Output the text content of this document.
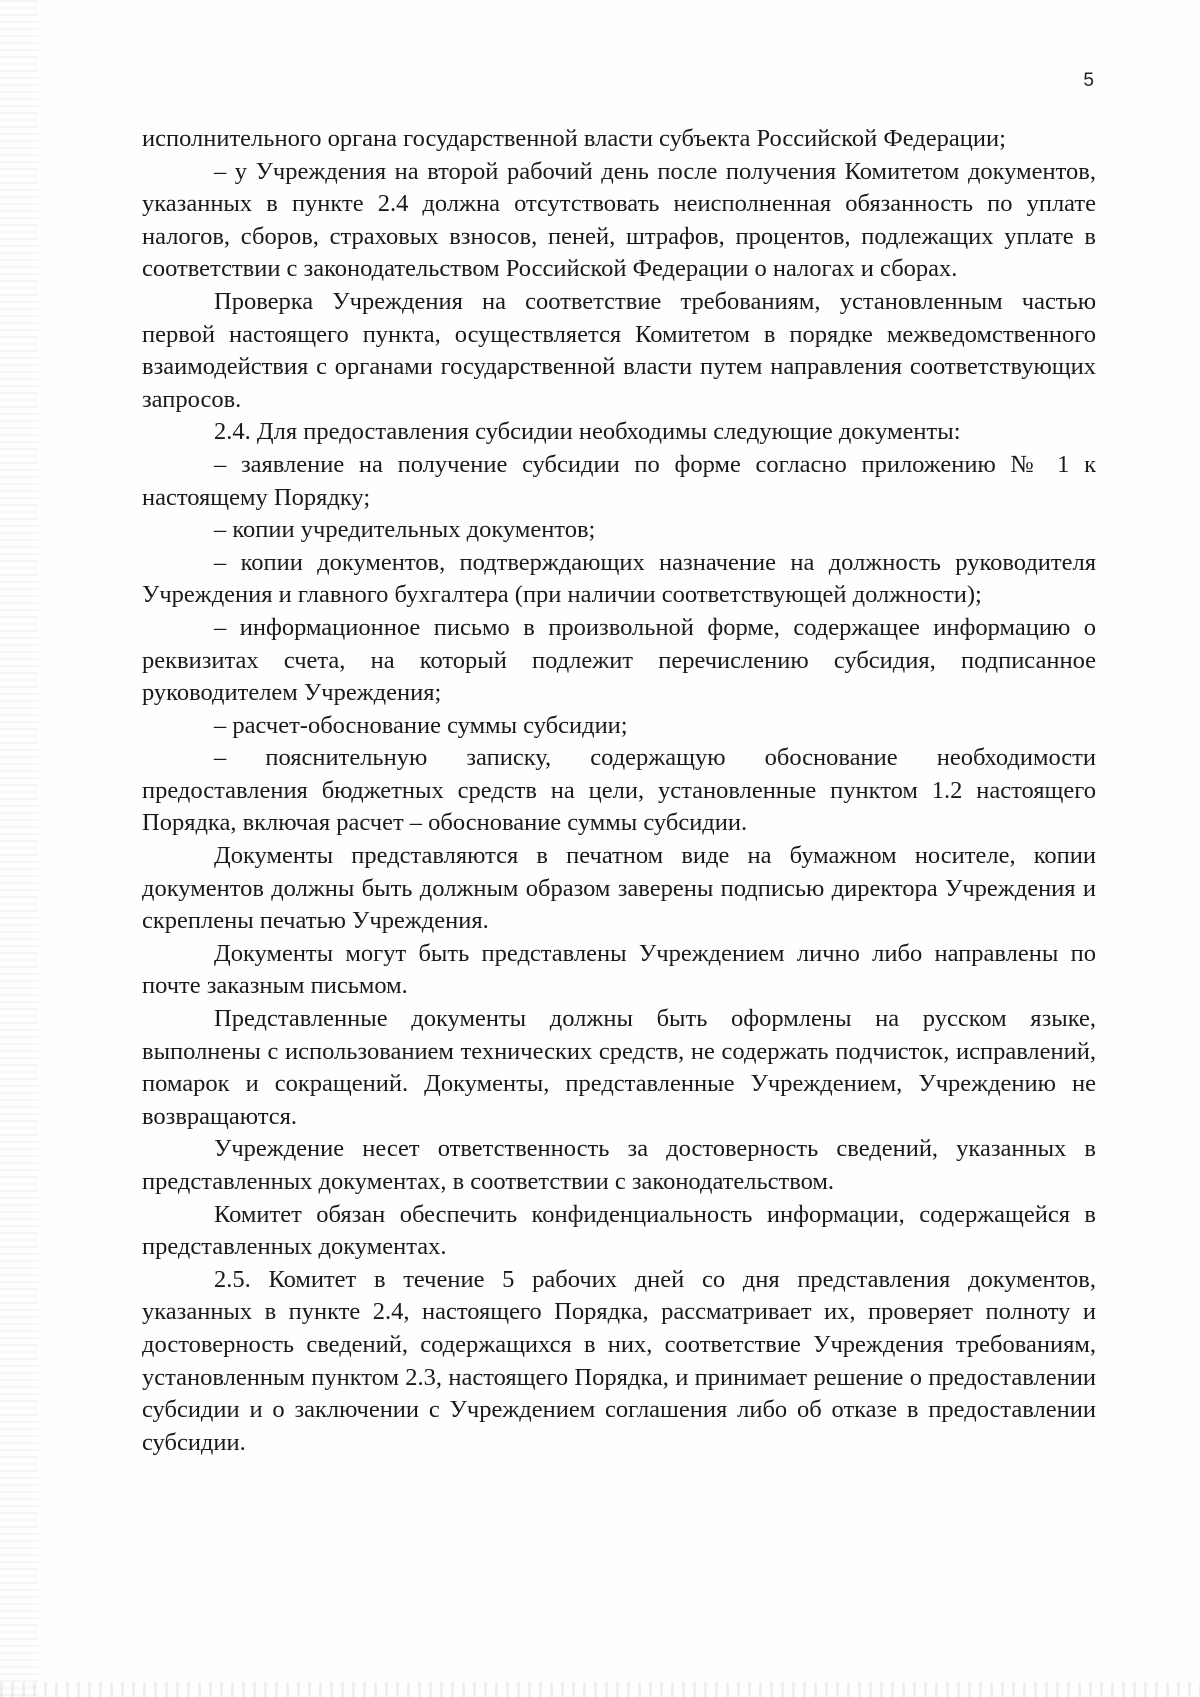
5

исполнительного органа государственной власти субъекта Российской Федерации;

– у Учреждения на второй рабочий день после получения Комитетом документов, указанных в пункте 2.4 должна отсутствовать неисполненная обязанность по уплате налогов, сборов, страховых взносов, пеней, штрафов, процентов, подлежащих уплате в соответствии с законодательством Российской Федерации о налогах и сборах.

Проверка Учреждения на соответствие требованиям, установленным частью первой настоящего пункта, осуществляется Комитетом в порядке межведомственного взаимодействия с органами государственной власти путем направления соответствующих запросов.

2.4. Для предоставления субсидии необходимы следующие документы:

– заявление на получение субсидии по форме согласно приложению № 1 к настоящему Порядку;

– копии учредительных документов;

– копии документов, подтверждающих назначение на должность руководителя Учреждения и главного бухгалтера (при наличии соответствующей должности);

– информационное письмо в произвольной форме, содержащее информацию о реквизитах счета, на который подлежит перечислению субсидия, подписанное руководителем Учреждения;

– расчет-обоснование суммы субсидии;

– пояснительную записку, содержащую обоснование необходимости предоставления бюджетных средств на цели, установленные пунктом 1.2 настоящего Порядка, включая расчет – обоснование суммы субсидии.

Документы представляются в печатном виде на бумажном носителе, копии документов должны быть должным образом заверены подписью директора Учреждения и скреплены печатью Учреждения.

Документы могут быть представлены Учреждением лично либо направлены по почте заказным письмом.

Представленные документы должны быть оформлены на русском языке, выполнены с использованием технических средств, не содержать подчисток, исправлений, помарок и сокращений. Документы, представленные Учреждением, Учреждению не возвращаются.

Учреждение несет ответственность за достоверность сведений, указанных в представленных документах, в соответствии с законодательством.

Комитет обязан обеспечить конфиденциальность информации, содержащейся в представленных документах.

2.5. Комитет в течение 5 рабочих дней со дня представления документов, указанных в пункте 2.4, настоящего Порядка, рассматривает их, проверяет полноту и достоверность сведений, содержащихся в них, соответствие Учреждения требованиям, установленным пунктом 2.3, настоящего Порядка, и принимает решение о предоставлении субсидии и о заключении с Учреждением соглашения либо об отказе в предоставлении субсидии.
